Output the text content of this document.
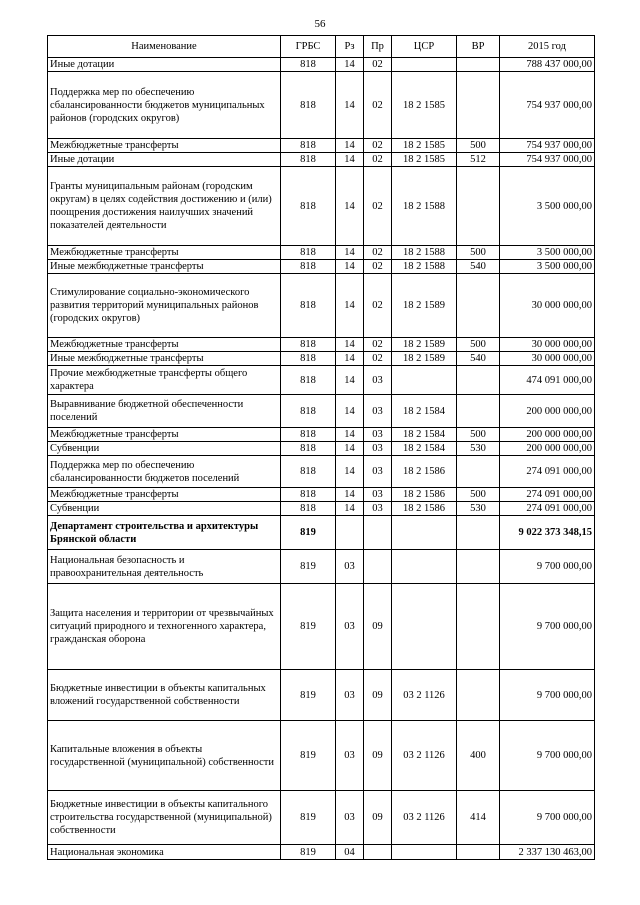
56
Наименование	ГРБС	Рз	Пр	ЦСР	ВР	2015 год
Иные дотации	818	14	02			788 437 000,00
Поддержка мер по обеспечению сбалансированности бюджетов муниципальных районов (городских округов)	818	14	02	18 2 1585		754 937 000,00
Межбюджетные трансферты	818	14	02	18 2 1585	500	754 937 000,00
Иные дотации	818	14	02	18 2 1585	512	754 937 000,00
Гранты муниципальным районам (городским округам) в целях содействия достижению и (или) поощрения достижения наилучших значений показателей деятельности	818	14	02	18 2 1588		3 500 000,00
Межбюджетные трансферты	818	14	02	18 2 1588	500	3 500 000,00
Иные межбюджетные трансферты	818	14	02	18 2 1588	540	3 500 000,00
Стимулирование социально-экономического развития территорий муниципальных районов (городских округов)	818	14	02	18 2 1589		30 000 000,00
Межбюджетные трансферты	818	14	02	18 2 1589	500	30 000 000,00
Иные межбюджетные трансферты	818	14	02	18 2 1589	540	30 000 000,00
Прочие межбюджетные трансферты общего характера	818	14	03			474 091 000,00
Выравнивание бюджетной обеспеченности поселений	818	14	03	18 2 1584		200 000 000,00
Межбюджетные трансферты	818	14	03	18 2 1584	500	200 000 000,00
Субвенции	818	14	03	18 2 1584	530	200 000 000,00
Поддержка мер по обеспечению сбалансированности бюджетов поселений	818	14	03	18 2 1586		274 091 000,00
Межбюджетные трансферты	818	14	03	18 2 1586	500	274 091 000,00
Субвенции	818	14	03	18 2 1586	530	274 091 000,00
Департамент строительства и архитектуры Брянской области	819					9 022 373 348,15
Национальная безопасность и правоохранительная деятельность	819	03				9 700 000,00
Защита населения и территории от чрезвычайных ситуаций природного и техногенного характера, гражданская оборона	819	03	09			9 700 000,00
Бюджетные инвестиции в объекты капитальных вложений государственной собственности	819	03	09	03 2 1126		9 700 000,00
Капитальные вложения в объекты государственной (муниципальной) собственности	819	03	09	03 2 1126	400	9 700 000,00
Бюджетные инвестиции в объекты капитального строительства государственной (муниципальной) собственности	819	03	09	03 2 1126	414	9 700 000,00
Национальная экономика	819	04				2 337 130 463,00
